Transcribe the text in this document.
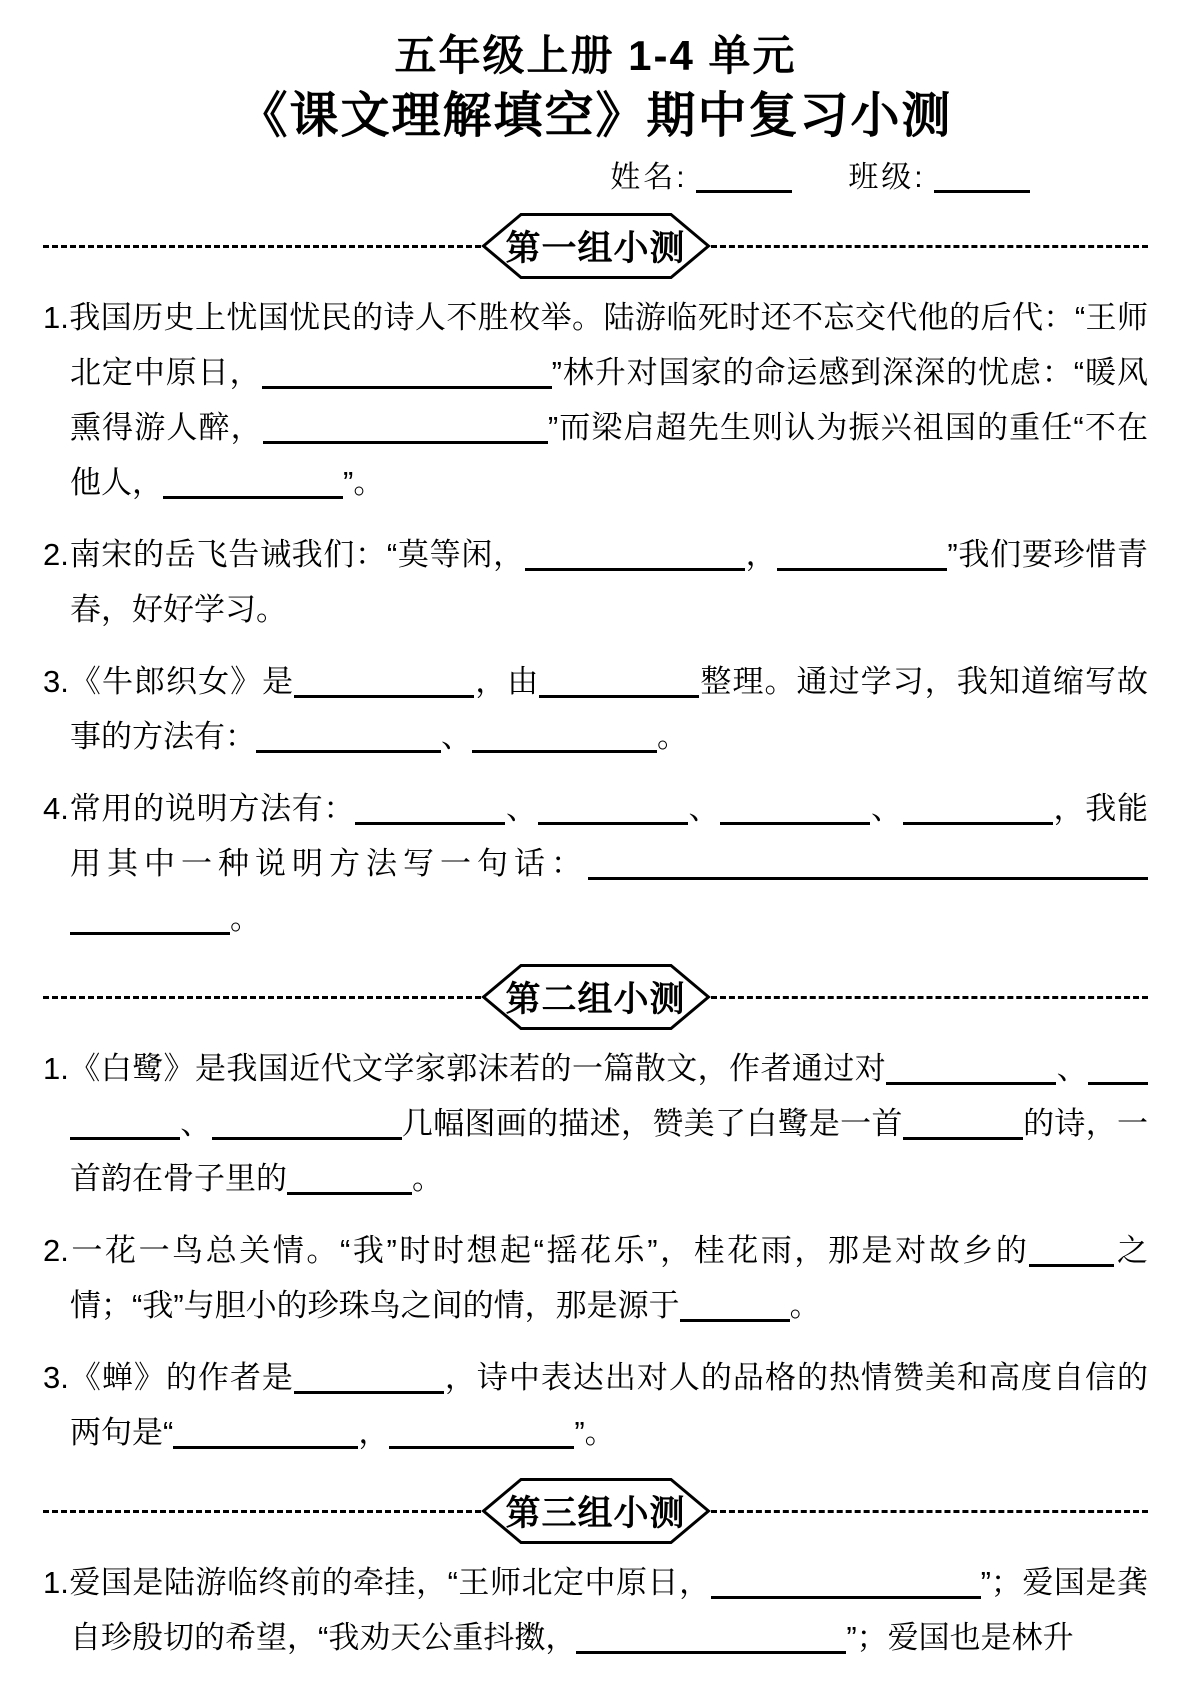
五年级上册 1-4 单元
《课文理解填空》期中复习小测
姓名:	班级:
第一组小测

1.我国历史上忧国忧民的诗人不胜枚举。陆游临死时还不忘交代他的后代：“王师北定中原日，	”林升对国家的命运感到深深的忧虑：“暖风熏得游人醉，	”而梁启超先生则认为振兴祖国的重任“不在他人，	”。

2.南宋的岳飞告诫我们：“莫等闲，	，	”我们要珍惜青春，好好学习。

3.《牛郎织女》是	，由	整理。通过学习，我知道缩写故事的方法有：	、	。

4.常用的说明方法有：	、	、	、	，我能用其中一种说明方法写一句话：。

第二组小测

1.《白鹭》是我国近代文学家郭沫若的一篇散文，作者通过对	、、	几幅图画的描述，赞美了白鹭是一首	的诗，一首韵在骨子里的	。

2.一花一鸟总关情。“我”时时想起“摇花乐”，桂花雨，那是对故乡的	之情；“我”与胆小的珍珠鸟之间的情，那是源于	。

3.《蝉》的作者是	，诗中表达出对人的品格的热情赞美和高度自信的两句是“	，	”。

第三组小测

1.爱国是陆游临终前的牵挂，“王师北定中原日，	”；爱国是龚自珍殷切的希望，“我劝天公重抖擞，	”；爱国也是林升
